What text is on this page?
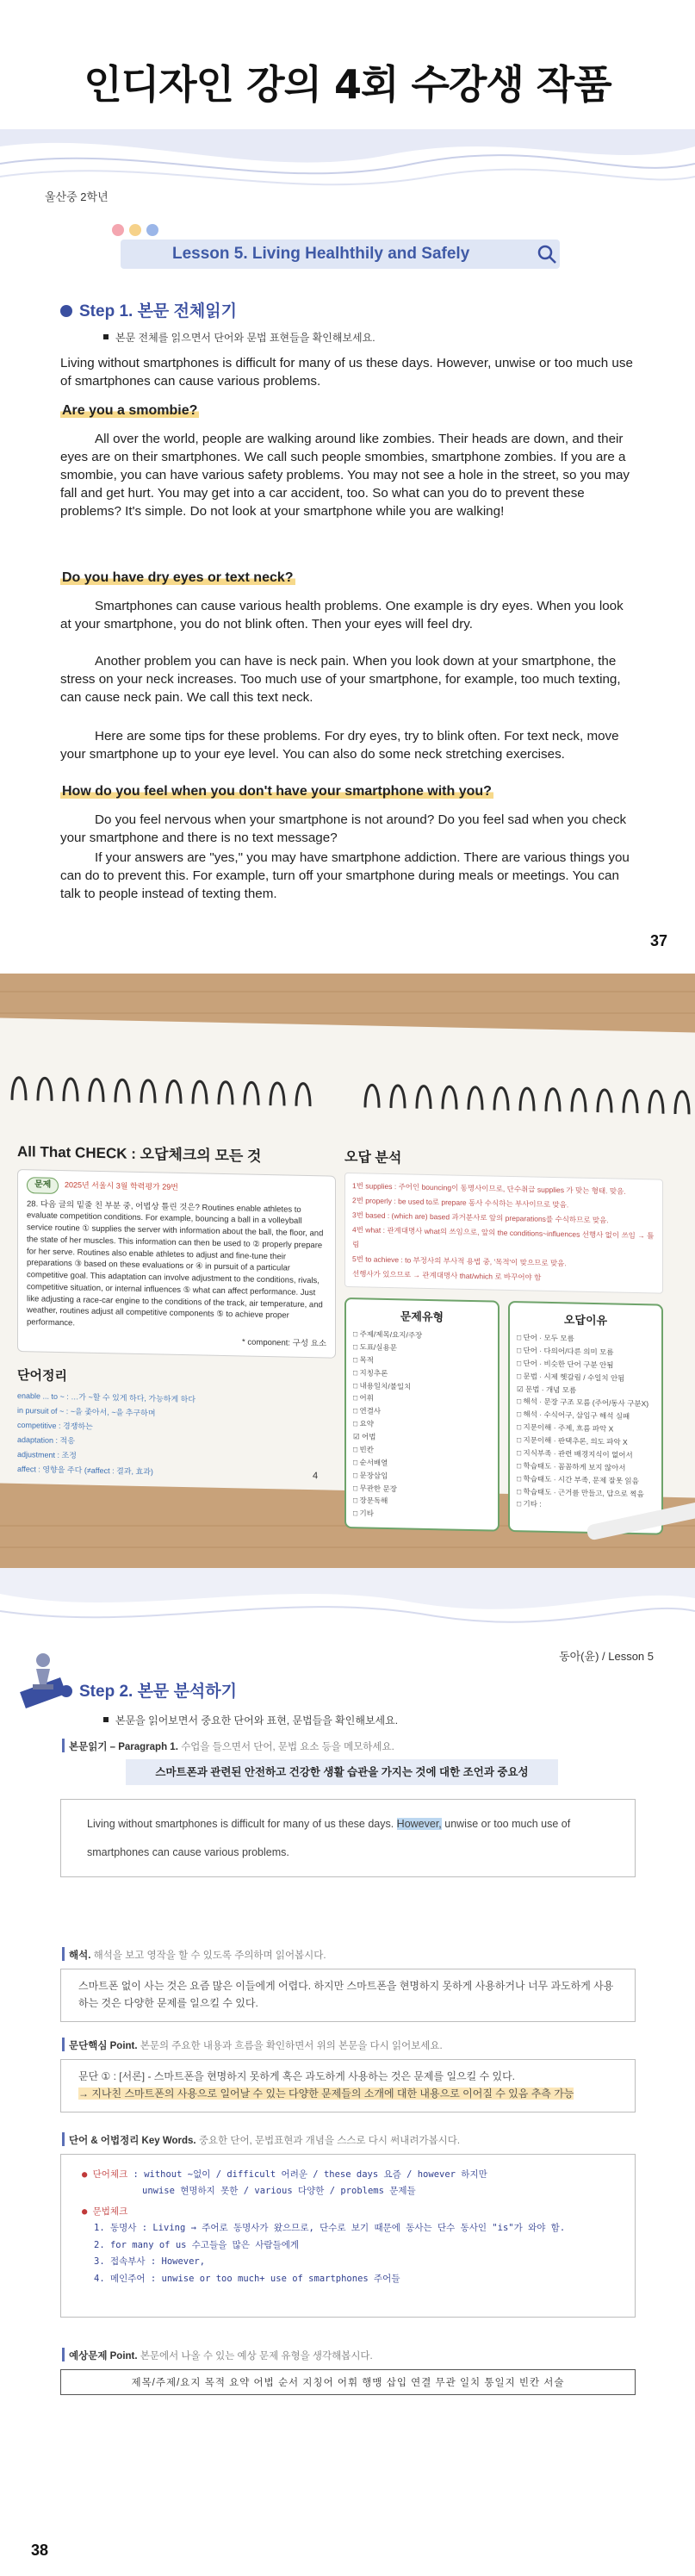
인디자인 강의 4회 수강생 작품
울산중 2학년
Lesson 5. Living Healhthily and Safely
Step 1. 본문 전체읽기
본문 전체를 읽으면서 단어와 문법 표현들을 확인해보세요.
Living without smartphones is difficult for many of us these days. However, unwise or too much use of smartphones can cause various problems.
Are you a smombie?
All over the world, people are walking around like zombies. Their heads are down, and their eyes are on their smartphones. We call such people smombies, smartphone zombies. If you are a smombie, you can have various safety problems. You may not see a hole in the street, so you may fall and get hurt. You may get into a car accident, too. So what can you do to prevent these problems? It's simple. Do not look at your smartphone while you are walking!
Do you have dry eyes or text neck?
Smartphones can cause various health problems. One example is dry eyes. When you look at your smartphone, you do not blink often. Then your eyes will feel dry.
Another problem you can have is neck pain. When you look down at your smartphone, the stress on your neck increases. Too much use of your smartphone, for example, too much texting, can cause neck pain. We call this text neck.
Here are some tips for these problems. For dry eyes, try to blink often. For text neck, move your smartphone up to your eye level. You can also do some neck stretching exercises.
How do you feel when you don't have your smartphone with you?
Do you feel nervous when your smartphone is not around? Do you feel sad when you check your smartphone and there is no text message?
If your answers are "yes," you may have smartphone addiction. There are various things you can do to prevent this. For example, turn off your smartphone during meals or meetings. You can talk to people instead of texting them.
37
All That CHECK : 오답체크의 모든 것
문제 2025년 서울시 3월 학력평가 29번
28. 다음 글의 밑줄 친 부분 중, 어법상 틀린 것은? Routines enable athletes to evaluate competition conditions. For example, bouncing a ball in a volleyball service routine ① supplies the server with information about the ball, the floor, and the state of her muscles. This information can then be used to ② properly prepare for her serve. Routines also enable athletes to adjust and fine-tune their preparations ③ based on these evaluations or ④ in pursuit of a particular competitive goal. This adaptation can involve adjustment to the conditions, rivals, competitive situation, or internal influences ⑤ what can affect performance. Just like adjusting a race-car engine to the conditions of the track, air temperature, and weather, routines adjust all competitive components ⑤ to achieve proper performance.
* component: 구성 요소
단어정리
enable ... to ~ : …가 ~할 수 있게 하다, 가능하게 하다
in pursuit of ~ : ~을 좇아서, ~을 추구하며
competitive : 경쟁하는
adaptation : 적응
adjustment : 조정
affect : 영향을 주다 (≠affect : 결과, 효과)
오답 분석
1번 supplies : 주어인 bouncing이 동명사이므로, 단수취급 supplies 가 맞는 형태. 맞음.
2번 properly : be used to로 prepare 동사 수식하는 부사이므로 맞음.
3번 based : (which are) based 과거분사로 앞의 preparations를 수식하므로 맞음.
4번 what : 관계대명사 what의 쓰임으로, 앞의 the conditions~influences 선행사 없이 쓰임 → 틀림
5번 to achieve : to 부정사의 부사적 용법 중, '목적'이 맞으므로 맞음.
선행사가 있으므로 → 관계대명사 that/which 로 바꾸어야 함
문제유형
□ 주제/제목/요지/주장
□ 도표/실용문
□ 목적
□ 지칭추론
□ 내용일치/불일치
□ 어휘
□ 연결사
□ 요약
☑ 어법
□ 빈칸
□ 순서배열
□ 문장삽입
□ 무관한 문장
□ 장문독해
□ 기타
오답이유
□ 단어 · 모두 모름
□ 단어 · 다의어/다른 의미 모름
□ 단어 · 비슷한 단어 구분 안됨
□ 문법 · 시제 헷갈림 / 수일치 안됨
☑ 문법 · 개념 모름
□ 해석 · 문장 구조 모름 (주어/동사 구분X)
□ 해석 · 수식어구, 삽입구 해석 실패
□ 지문이해 · 주제, 흐름 파악 X
□ 지문이해 · 판택추론, 의도 파악 X
□ 지식부족 · 관련 배경지식이 없어서
□ 학습태도 · 꼼꼼하게 보지 않아서
□ 학습태도 · 시간 부족, 문제 잘못 읽음
□ 학습태도 · 근거를 만들고, 답으로 찍음
□ 기타 :
4
동아(윤) / Lesson 5
Step 2. 본문 분석하기
본문을 읽어보면서 중요한 단어와 표현, 문법들을 확인해보세요.
본문읽기 – Paragraph 1. 수업을 들으면서 단어, 문법 요소 등을 메모하세요.
스마트폰과 관련된 안전하고 건강한 생활 습관을 가지는 것에 대한 조언과 중요성
Living without smartphones is difficult for many of us these days. However, unwise or too much use of smartphones can cause various problems.
해석. 해석을 보고 영작을 할 수 있도록 주의하며 읽어봅시다.
스마트폰 없이 사는 것은 요즘 많은 이들에게 어렵다. 하지만 스마트폰을 현명하지 못하게 사용하거나 너무 과도하게 사용하는 것은 다양한 문제를 일으킬 수 있다.
문단핵심 Point. 본문의 주요한 내용과 흐름을 확인하면서 위의 본문을 다시 읽어보세요.
문단 ① : [서론] - 스마트폰을 현명하지 못하게 혹은 과도하게 사용하는 것은 문제를 일으킬 수 있다.
→ 지나친 스마트폰의 사용으로 일어날 수 있는 다양한 문제들의 소개에 대한 내용으로 이어질 수 있음 추측 가능
단어 & 어법정리 Key Words. 중요한 단어, 문법표현과 개념을 스스로 다시 써내려가봅시다.
● 단어체크 : without ~없이 / difficult 어려운 / these days 요즘 / however 하지만
unwise 현명하지 못한 / various 다양한 / problems 문제들
● 문법체크
1. 동명사 : Living → 주어로 동명사가 왔으므로, 단수로 보기 때문에 동사는 단수 동사인 "is"가 와야 함.
2. for many of us 수고들을 많은 사람들에게
3. 접속부사 : However,
4. 메인주어 : unwise or too much+ use of smartphones 주어들
예상문제 Point. 본문에서 나올 수 있는 예상 문제 유형을 생각해봅시다.
제목/주제/요지 목적 요약 어법 순서 지칭어 어휘 행맹 삽입 연결 무관 일치 통일지 빈칸 서술
38
